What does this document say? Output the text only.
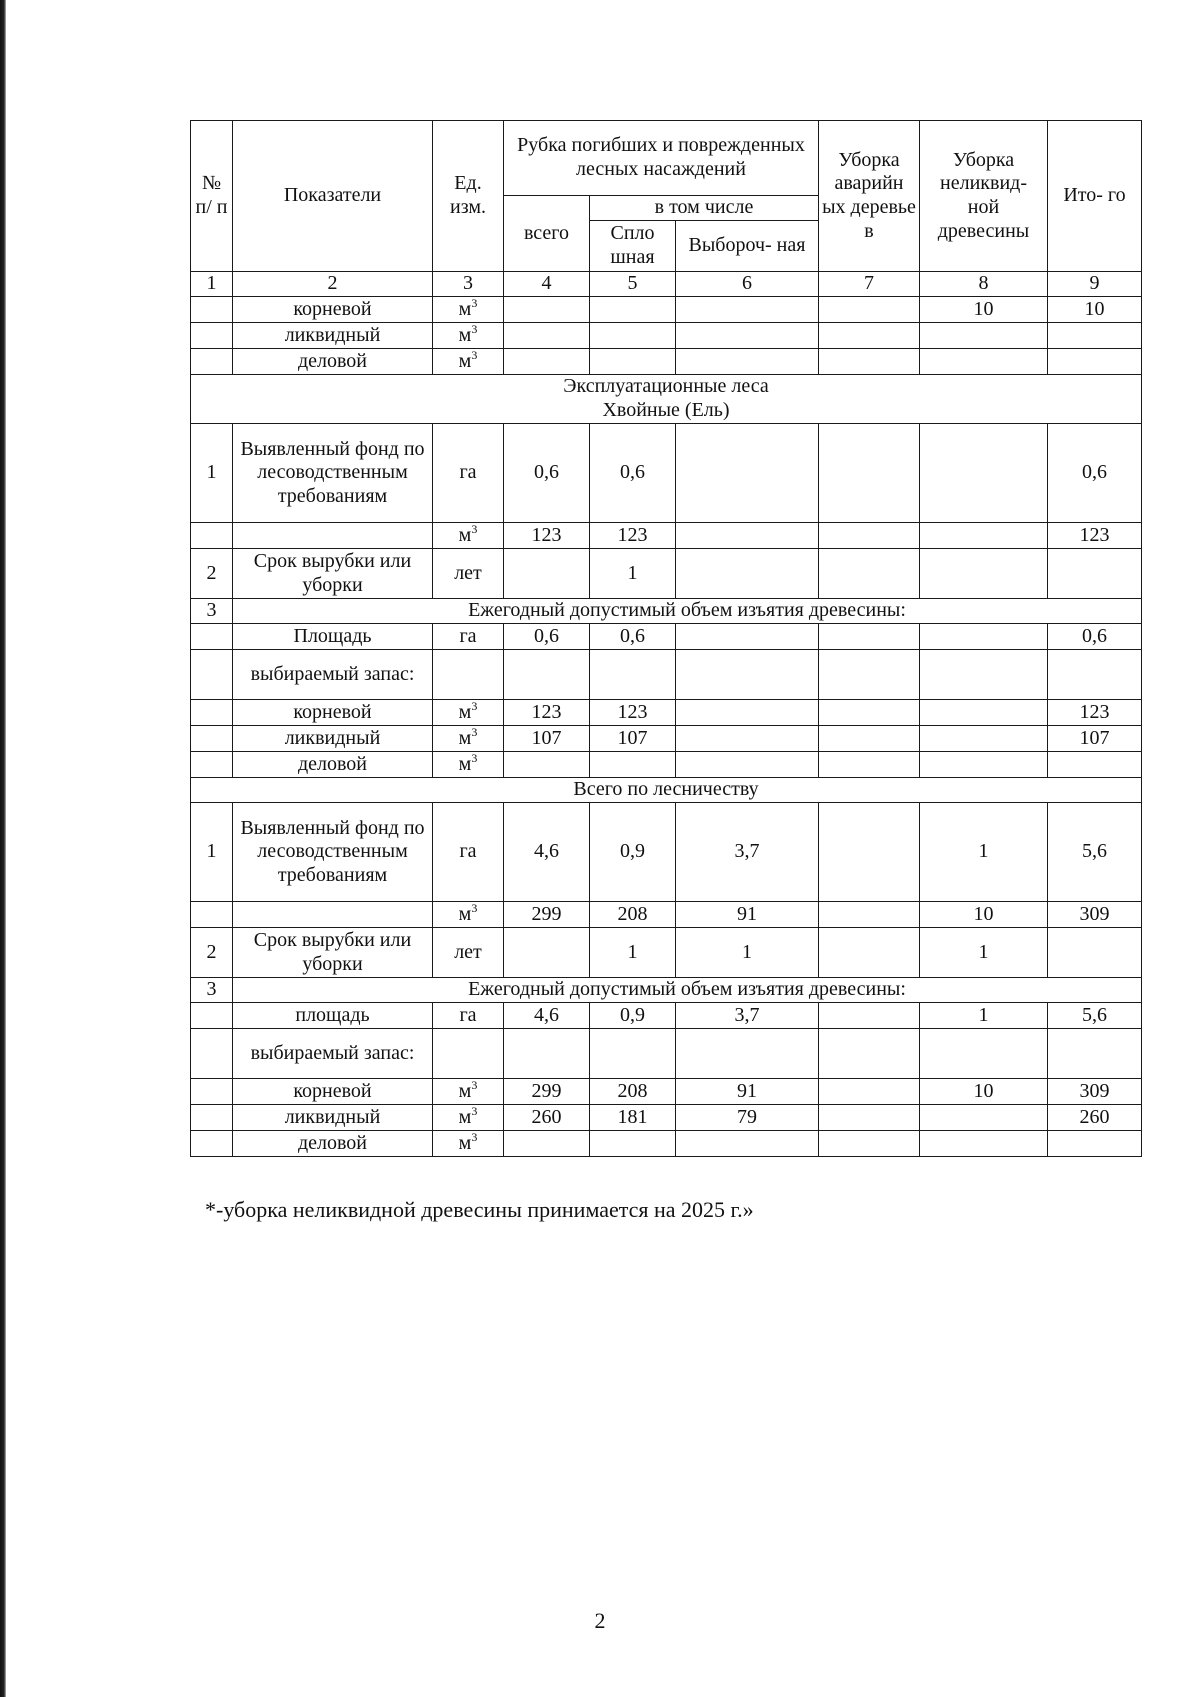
№ п/ п	Показатели	Ед. изм.	Рубка погибших и поврежденных лесных насаждений			Уборка аварийн ых деревье в	Уборка неликвид- ной древесины	Ито- го
			всего	в том числе				
				Спло шная	Выбороч- ная			
1	2	3	4	5	6	7	8	9
	корневой	$м^3$					10	10
	ликвидный	$м^3$						
	деловой	$м^3$						

Эксплуатационные леса
Хвойные (Ель)								

1	Выявленный фонд по лесоводственным требованиям	га	0,6	0,6				0,6
		$м^3$	123	123				123
2	Срок вырубки или уборки	лет		1				
3	Ежегодный допустимый объем изъятия древесины:							
	Площадь	га	0,6	0,6				0,6
	выбираемый запас:							
	корневой	$м^3$	123	123				123
	ликвидный	$м^3$	107	107				107
	деловой	$м^3$						
Всего по лесничеству								
1	Выявленный фонд по лесоводственным требованиям	га	4,6	0,9	3,7		1	5,6
		$м^3$	299	208	91		10	309
2	Срок вырубки или уборки	лет		1	1		1	
3	Ежегодный допустимый объем изъятия древесины:							
	площадь	га	4,6	0,9	3,7		1	5,6
	выбираемый запас:							
	корневой	$м^3$	299	208	91		10	309
	ликвидный	$м^3$	260	181	79			260
	деловой	$м^3$						
*-уборка неликвидной древесины принимается на 2025 г.»
2
